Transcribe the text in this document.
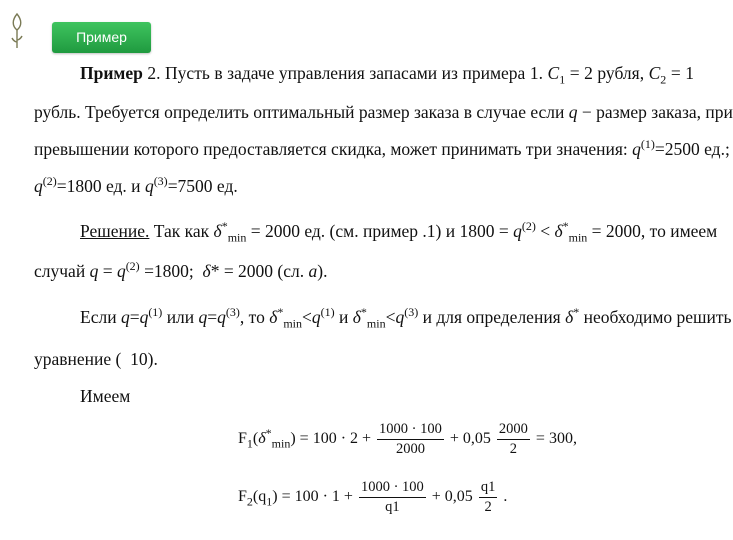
Пример
Пример 2. Пусть в задаче управления запасами из примера 1. $C_1 = 2$ рубля, $C_2 = 1$
рубль. Требуется определить оптимальный размер заказа в случае если q − размер заказа, при
превышении которого предоставляется скидка, может принимать три значения: $q^{(1)}=2500$ ед.;
$q^{(2)}=1800$ ед. и $q^{(3)}=7500$ ед.
Решение. Так как $\delta^*_{min} = 2000$ ед. (см. пример .1) и $1800 = q^{(2)} < \delta^*_{min} = 2000$, то имеем
случай $q = q^{(2)} =1800$; δ* = 2000 (сл. a).
Если $q=q^{(1)}$ или $q=q^{(3)}$, то $\delta^*_{min}<q^{(1)}$ и $\delta^*_{min}<q^{(3)}$ и для определения δ* необходимо решить
уравнение ( 10).
Имеем
$F_1(\delta^*_{min}) = 100 \cdot 2 + \frac{1000 \cdot 100}{2000} + 0,05 \frac{2000}{2} = 300$,
$F_2(q_1) = 100 \cdot 1 + \frac{1000 \cdot 100}{q1} + 0,05 \frac{q1}{2}$ .
